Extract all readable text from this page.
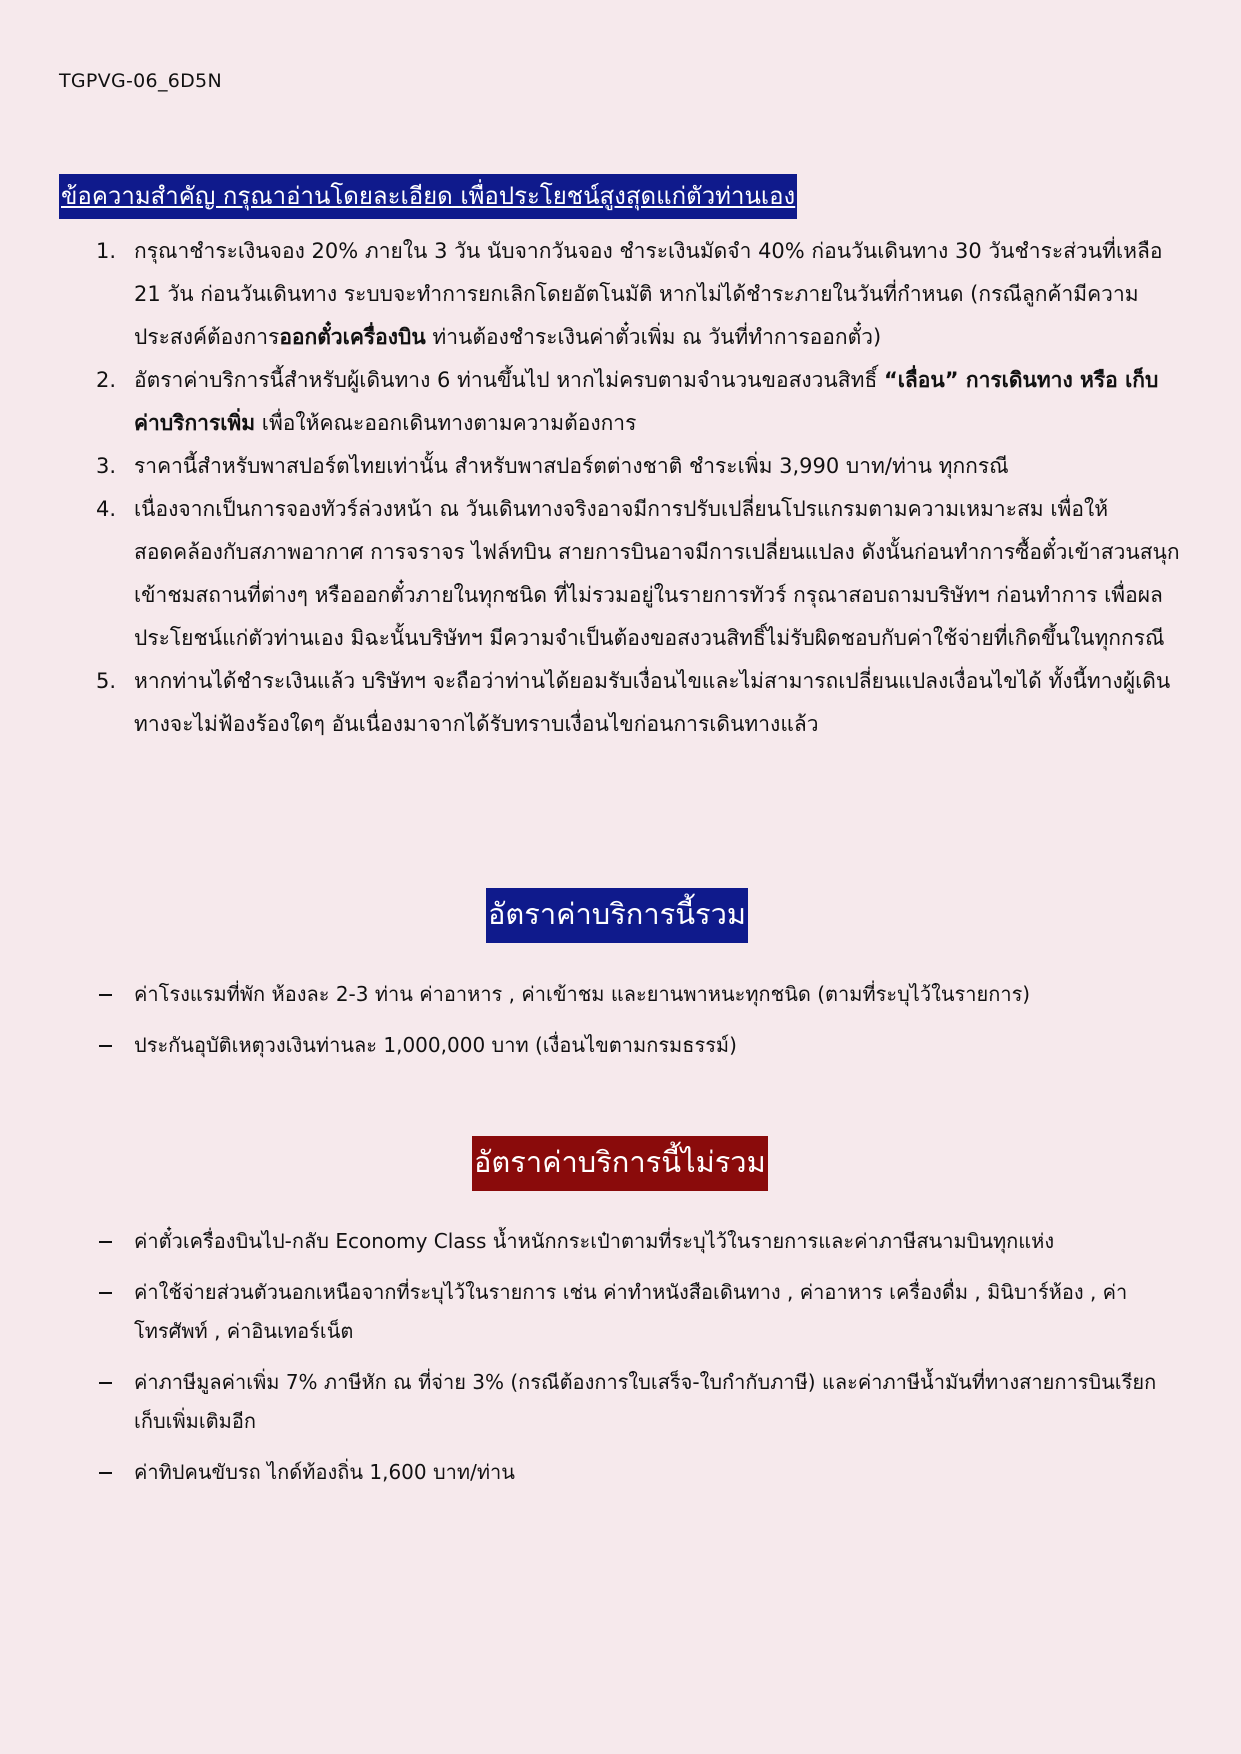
TGPVG-06_6D5N
ข้อความสำคัญ กรุณาอ่านโดยละเอียด เพื่อประโยชน์สูงสุดแก่ตัวท่านเอง
1. กรุณาชำระเงินจอง 20% ภายใน 3 วัน นับจากวันจอง ชำระเงินมัดจำ 40% ก่อนวันเดินทาง 30 วันชำระส่วนที่เหลือ 21 วัน ก่อนวันเดินทาง ระบบจะทำการยกเลิกโดยอัตโนมัติ หากไม่ได้ชำระภายในวันที่กำหนด (กรณีลูกค้ามีความประสงค์ต้องการออกตั๋วเครื่องบิน ท่านต้องชำระเงินค่าตั๋วเพิ่ม ณ วันที่ทำการออกตั๋ว)
2. อัตราค่าบริการนี้สำหรับผู้เดินทาง 6 ท่านขึ้นไป หากไม่ครบตามจำนวนขอสงวนสิทธิ์ “เลื่อน” การเดินทาง หรือ เก็บค่าบริการเพิ่ม เพื่อให้คณะออกเดินทางตามความต้องการ
3. ราคานี้สำหรับพาสปอร์ตไทยเท่านั้น สำหรับพาสปอร์ตต่างชาติ ชำระเพิ่ม 3,990 บาท/ท่าน ทุกกรณี
4. เนื่องจากเป็นการจองทัวร์ล่วงหน้า ณ วันเดินทางจริงอาจมีการปรับเปลี่ยนโปรแกรมตามความเหมาะสม เพื่อให้สอดคล้องกับสภาพอากาศ การจราจร ไฟล์ทบิน สายการบินอาจมีการเปลี่ยนแปลง ดังนั้นก่อนทำการซื้อตั๋วเข้าสวนสนุก เข้าชมสถานที่ต่างๆ หรือออกตั๋วภายในทุกชนิด ที่ไม่รวมอยู่ในรายการทัวร์ กรุณาสอบถามบริษัทฯ ก่อนทำการ เพื่อผลประโยชน์แก่ตัวท่านเอง มิฉะนั้นบริษัทฯ มีความจำเป็นต้องขอสงวนสิทธิ์ไม่รับผิดชอบกับค่าใช้จ่ายที่เกิดขึ้นในทุกกรณี
5. หากท่านได้ชำระเงินแล้ว บริษัทฯ จะถือว่าท่านได้ยอมรับเงื่อนไขและไม่สามารถเปลี่ยนแปลงเงื่อนไขได้ ทั้งนี้ทางผู้เดินทางจะไม่ฟ้องร้องใดๆ อันเนื่องมาจากได้รับทราบเงื่อนไขก่อนการเดินทางแล้ว
อัตราค่าบริการนี้รวม
ค่าโรงแรมที่พัก ห้องละ 2-3 ท่าน ค่าอาหาร , ค่าเข้าชม และยานพาหนะทุกชนิด (ตามที่ระบุไว้ในรายการ)
ประกันอุบัติเหตุวงเงินท่านละ 1,000,000 บาท (เงื่อนไขตามกรมธรรม์)
อัตราค่าบริการนี้ไม่รวม
ค่าตั๋วเครื่องบินไป-กลับ Economy Class น้ำหนักกระเป๋าตามที่ระบุไว้ในรายการและค่าภาษีสนามบินทุกแห่ง
ค่าใช้จ่ายส่วนตัวนอกเหนือจากที่ระบุไว้ในรายการ เช่น ค่าทำหนังสือเดินทาง , ค่าอาหาร เครื่องดื่ม , มินิบาร์ห้อง , ค่าโทรศัพท์ , ค่าอินเทอร์เน็ต
ค่าภาษีมูลค่าเพิ่ม 7% ภาษีหัก ณ ที่จ่าย 3% (กรณีต้องการใบเสร็จ-ใบกำกับภาษี) และค่าภาษีน้ำมันที่ทางสายการบินเรียกเก็บเพิ่มเติมอีก
ค่าทิปคนขับรถ ไกด์ท้องถิ่น 1,600 บาท/ท่าน
